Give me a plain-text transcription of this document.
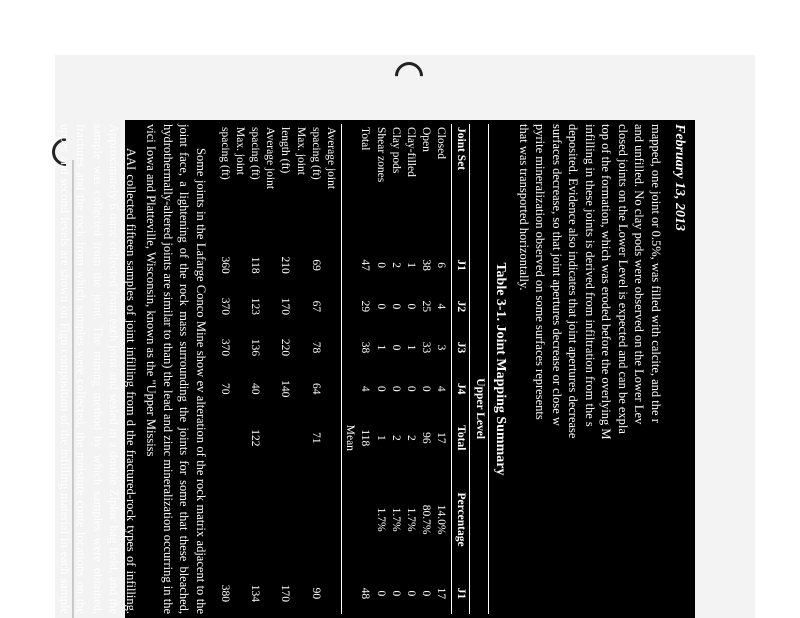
February 13, 2013
mapped, one joint or 0.5%, was filled with calcite, and the r
and unfilled. No clay pods were observed on the Lower Lev
closed joints on the Lower Level is expected and can be expla
top of the formation, which was eroded before the overlying M
infilling in these joints is derived from infiltration from the s
deposited. Evidence also indicates that joint apertures decrease
surfaces decrease, so that joint apertures decrease or close w
pyrite mineralization observed on some surfaces represents
that was transported horizontally.
Table 3-1. Joint Mapping Summary
	Upper Level						
Joint Set	J1	J2	J3	J4	Total	Percentage	J1
Closed	6	4	3	4	17	14.0%	17
Open	38	25	33	0	96	80.7%	0
Clay-filled	1	0	1	0	2	1.7%	0
Clay pods	2	0	0	0	2	1.7%	0
Shear zones	0	0	1	0	1	1.7%	0
Total	47	29	38	4	118		48
					Mean		
Average joint							
spacing (ft)	69	67	78	64	71		90
Max. joint							
length (ft)	210	170	220	140			170
Average joint							
spacing (ft)	118	123	136	40	122		134
Max. joint							
spacing (ft)	360	370	370	70			380

Some joints in the Lafarge Conco Mine show ev alteration of the rock matrix adjacent to the joint face, a lightening of the rock mass surrounding the joints for some that these bleached, hydrothermally-altered joints are similar to than) the lead and zinc mineralization occurring in the vici Iowa and Platteville, Wisconsin, known as the "Upper Mississ

AAI collected fifteen samples of joint infilling from d the fractured-rock types of infilling. Approximately 6 ounc collected from each joint and sealed in a double Ziploc bag field, and the sample was collected from the joint. The mining method by which samples were obtained, fractures and the rock from which samples were collected, the moisture conte locations on the upper and second levels are shown on Figu composition of the infilling material in each sample was eval stereo microscope. To confirm its qualitative analysis, AAI hydrology, lithology, and mineralogy by X-ray Diffraction (XRD tested four samples of clay infilling for unified classifications, penetrometer. The penetrometer strength results are presented
